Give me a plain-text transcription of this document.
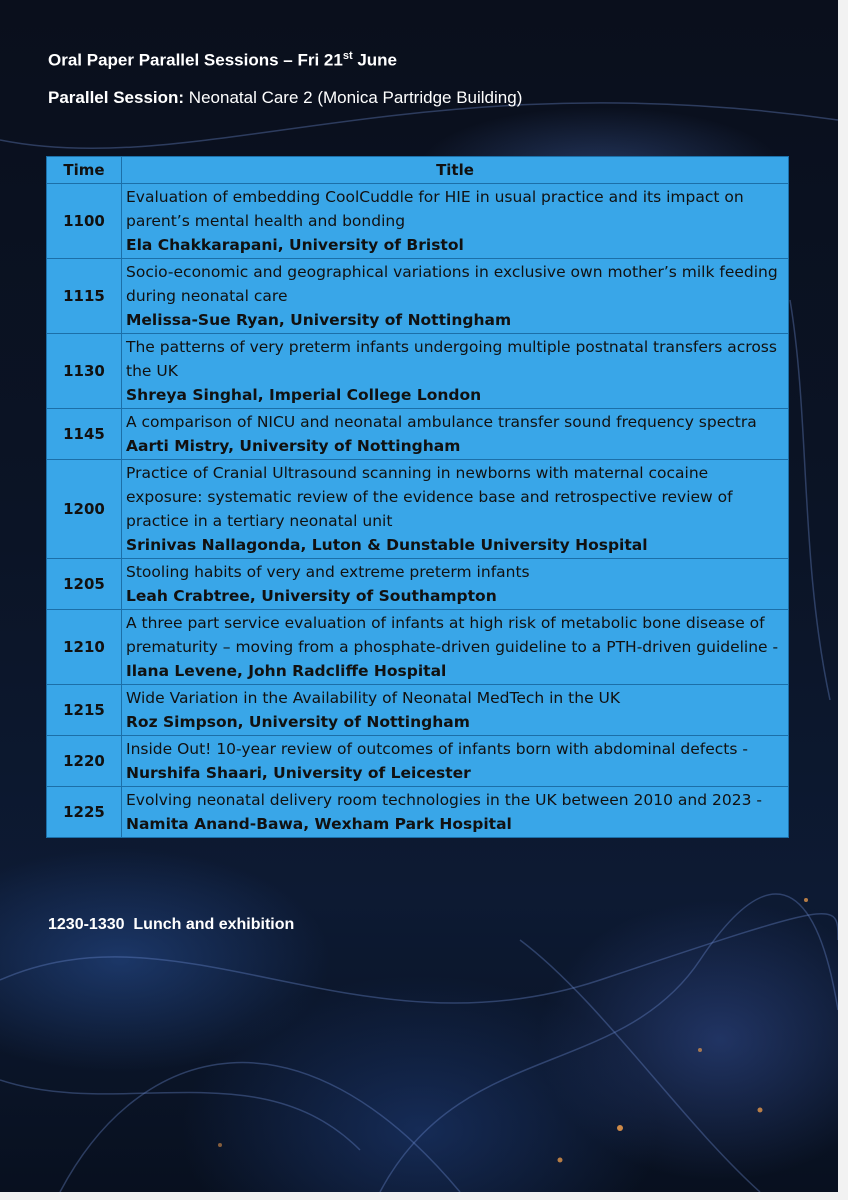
Oral Paper Parallel Sessions – Fri 21st June
Parallel Session: Neonatal Care 2 (Monica Partridge Building)
Time	Title
1100	Evaluation of embedding CoolCuddle for HIE in usual practice and its impact on parent’s mental health and bonding
Ela Chakkarapani, University of Bristol
1115	Socio-economic and geographical variations in exclusive own mother’s milk feeding during neonatal care
Melissa-Sue Ryan, University of Nottingham
1130	The patterns of very preterm infants undergoing multiple postnatal transfers across the UK
Shreya Singhal, Imperial College London
1145	A comparison of NICU and neonatal ambulance transfer sound frequency spectra
Aarti Mistry, University of Nottingham
1200	Practice of Cranial Ultrasound scanning in newborns with maternal cocaine exposure: systematic review of the evidence base and retrospective review of practice in a tertiary neonatal unit
Srinivas Nallagonda, Luton & Dunstable University Hospital
1205	Stooling habits of very and extreme preterm infants
Leah Crabtree, University of Southampton
1210	A three part service evaluation of infants at high risk of metabolic bone disease of prematurity – moving from a phosphate-driven guideline to a PTH-driven guideline - Ilana Levene, John Radcliffe Hospital
1215	Wide Variation in the Availability of Neonatal MedTech in the UK
Roz Simpson, University of Nottingham
1220	Inside Out! 10-year review of outcomes of infants born with abdominal defects - Nurshifa Shaari, University of Leicester
1225	Evolving neonatal delivery room technologies in the UK between 2010 and 2023 - Namita Anand-Bawa, Wexham Park Hospital
1230-1330 Lunch and exhibition
